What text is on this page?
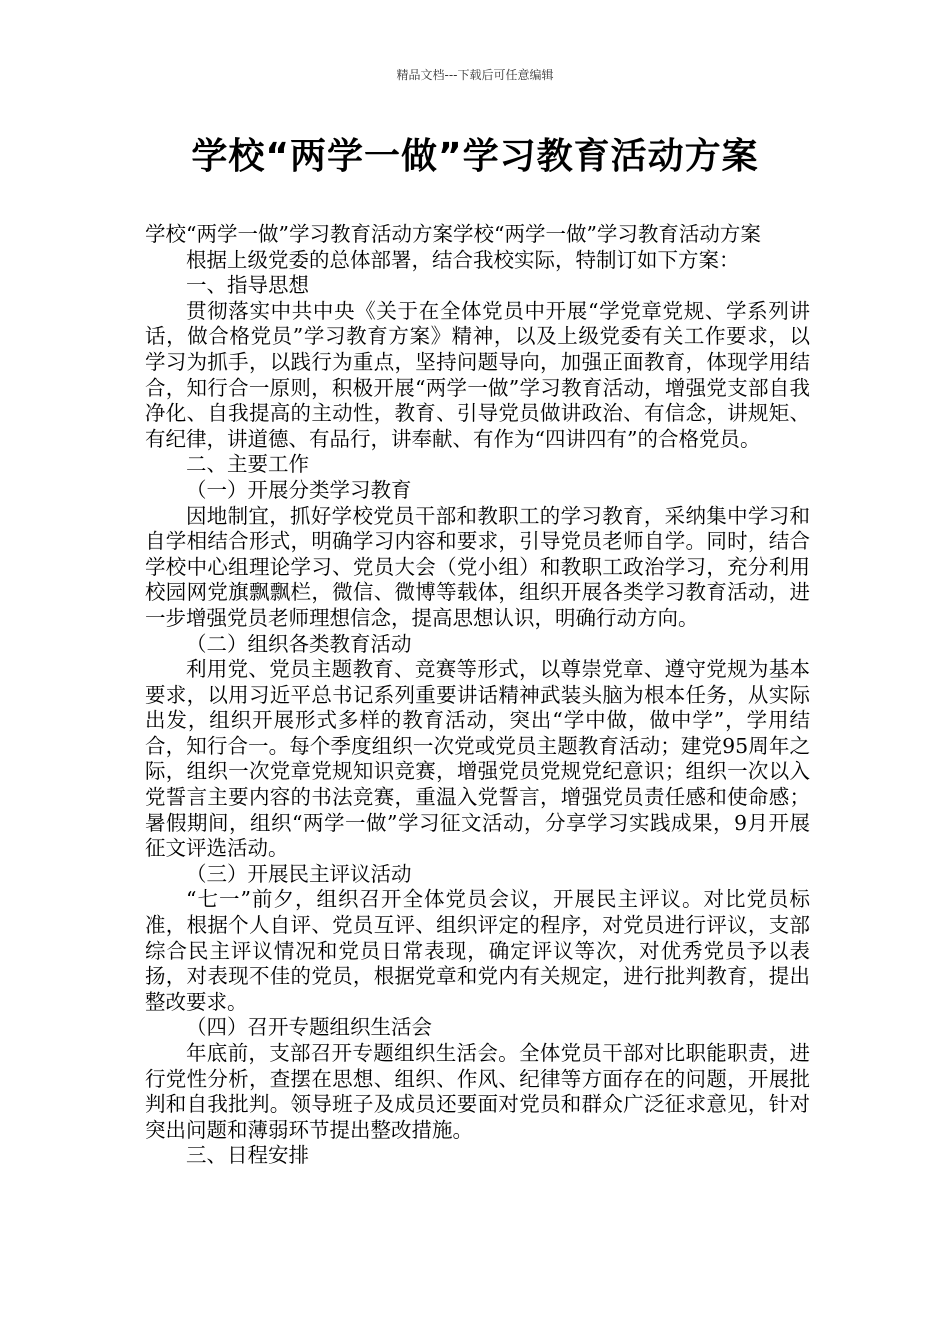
精品文档---下载后可任意编辑
学校“两学一做”学习教育活动方案

学校“两学一做”学习教育活动方案学校“两学一做”学习教育活动方案

根据上级党委的总体部署，结合我校实际，特制订如下方案：

一、指导思想

贯彻落实中共中央《关于在全体党员中开展“学党章党规、学系列讲话，做合格党员”学习教育方案》精神，以及上级党委有关工作要求，以学习为抓手，以践行为重点，坚持问题导向，加强正面教育，体现学用结合，知行合一原则，积极开展“两学一做”学习教育活动，增强党支部自我净化、自我提高的主动性，教育、引导党员做讲政治、有信念，讲规矩、有纪律，讲道德、有品行，讲奉献、有作为“四讲四有”的合格党员。

二、主要工作

（一）开展分类学习教育

因地制宜，抓好学校党员干部和教职工的学习教育，采纳集中学习和自学相结合形式，明确学习内容和要求，引导党员老师自学。同时，结合学校中心组理论学习、党员大会（党小组）和教职工政治学习，充分利用校园网党旗飘飘栏，微信、微博等载体，组织开展各类学习教育活动，进一步增强党员老师理想信念，提高思想认识，明确行动方向。

（二）组织各类教育活动

利用党、党员主题教育、竞赛等形式，以尊崇党章、遵守党规为基本要求，以用习近平总书记系列重要讲话精神武装头脑为根本任务，从实际出发，组织开展形式多样的教育活动，突出“学中做，做中学”，学用结合，知行合一。每个季度组织一次党或党员主题教育活动；建党95周年之际，组织一次党章党规知识竞赛，增强党员党规党纪意识；组织一次以入党誓言主要内容的书法竞赛，重温入党誓言，增强党员责任感和使命感；暑假期间，组织“两学一做”学习征文活动，分享学习实践成果，9月开展征文评选活动。

（三）开展民主评议活动

“七一”前夕，组织召开全体党员会议，开展民主评议。对比党员标准，根据个人自评、党员互评、组织评定的程序，对党员进行评议，支部综合民主评议情况和党员日常表现，确定评议等次，对优秀党员予以表扬，对表现不佳的党员，根据党章和党内有关规定，进行批判教育，提出整改要求。

（四）召开专题组织生活会

年底前，支部召开专题组织生活会。全体党员干部对比职能职责，进行党性分析，查摆在思想、组织、作风、纪律等方面存在的问题，开展批判和自我批判。领导班子及成员还要面对党员和群众广泛征求意见，针对突出问题和薄弱环节提出整改措施。

三、日程安排
